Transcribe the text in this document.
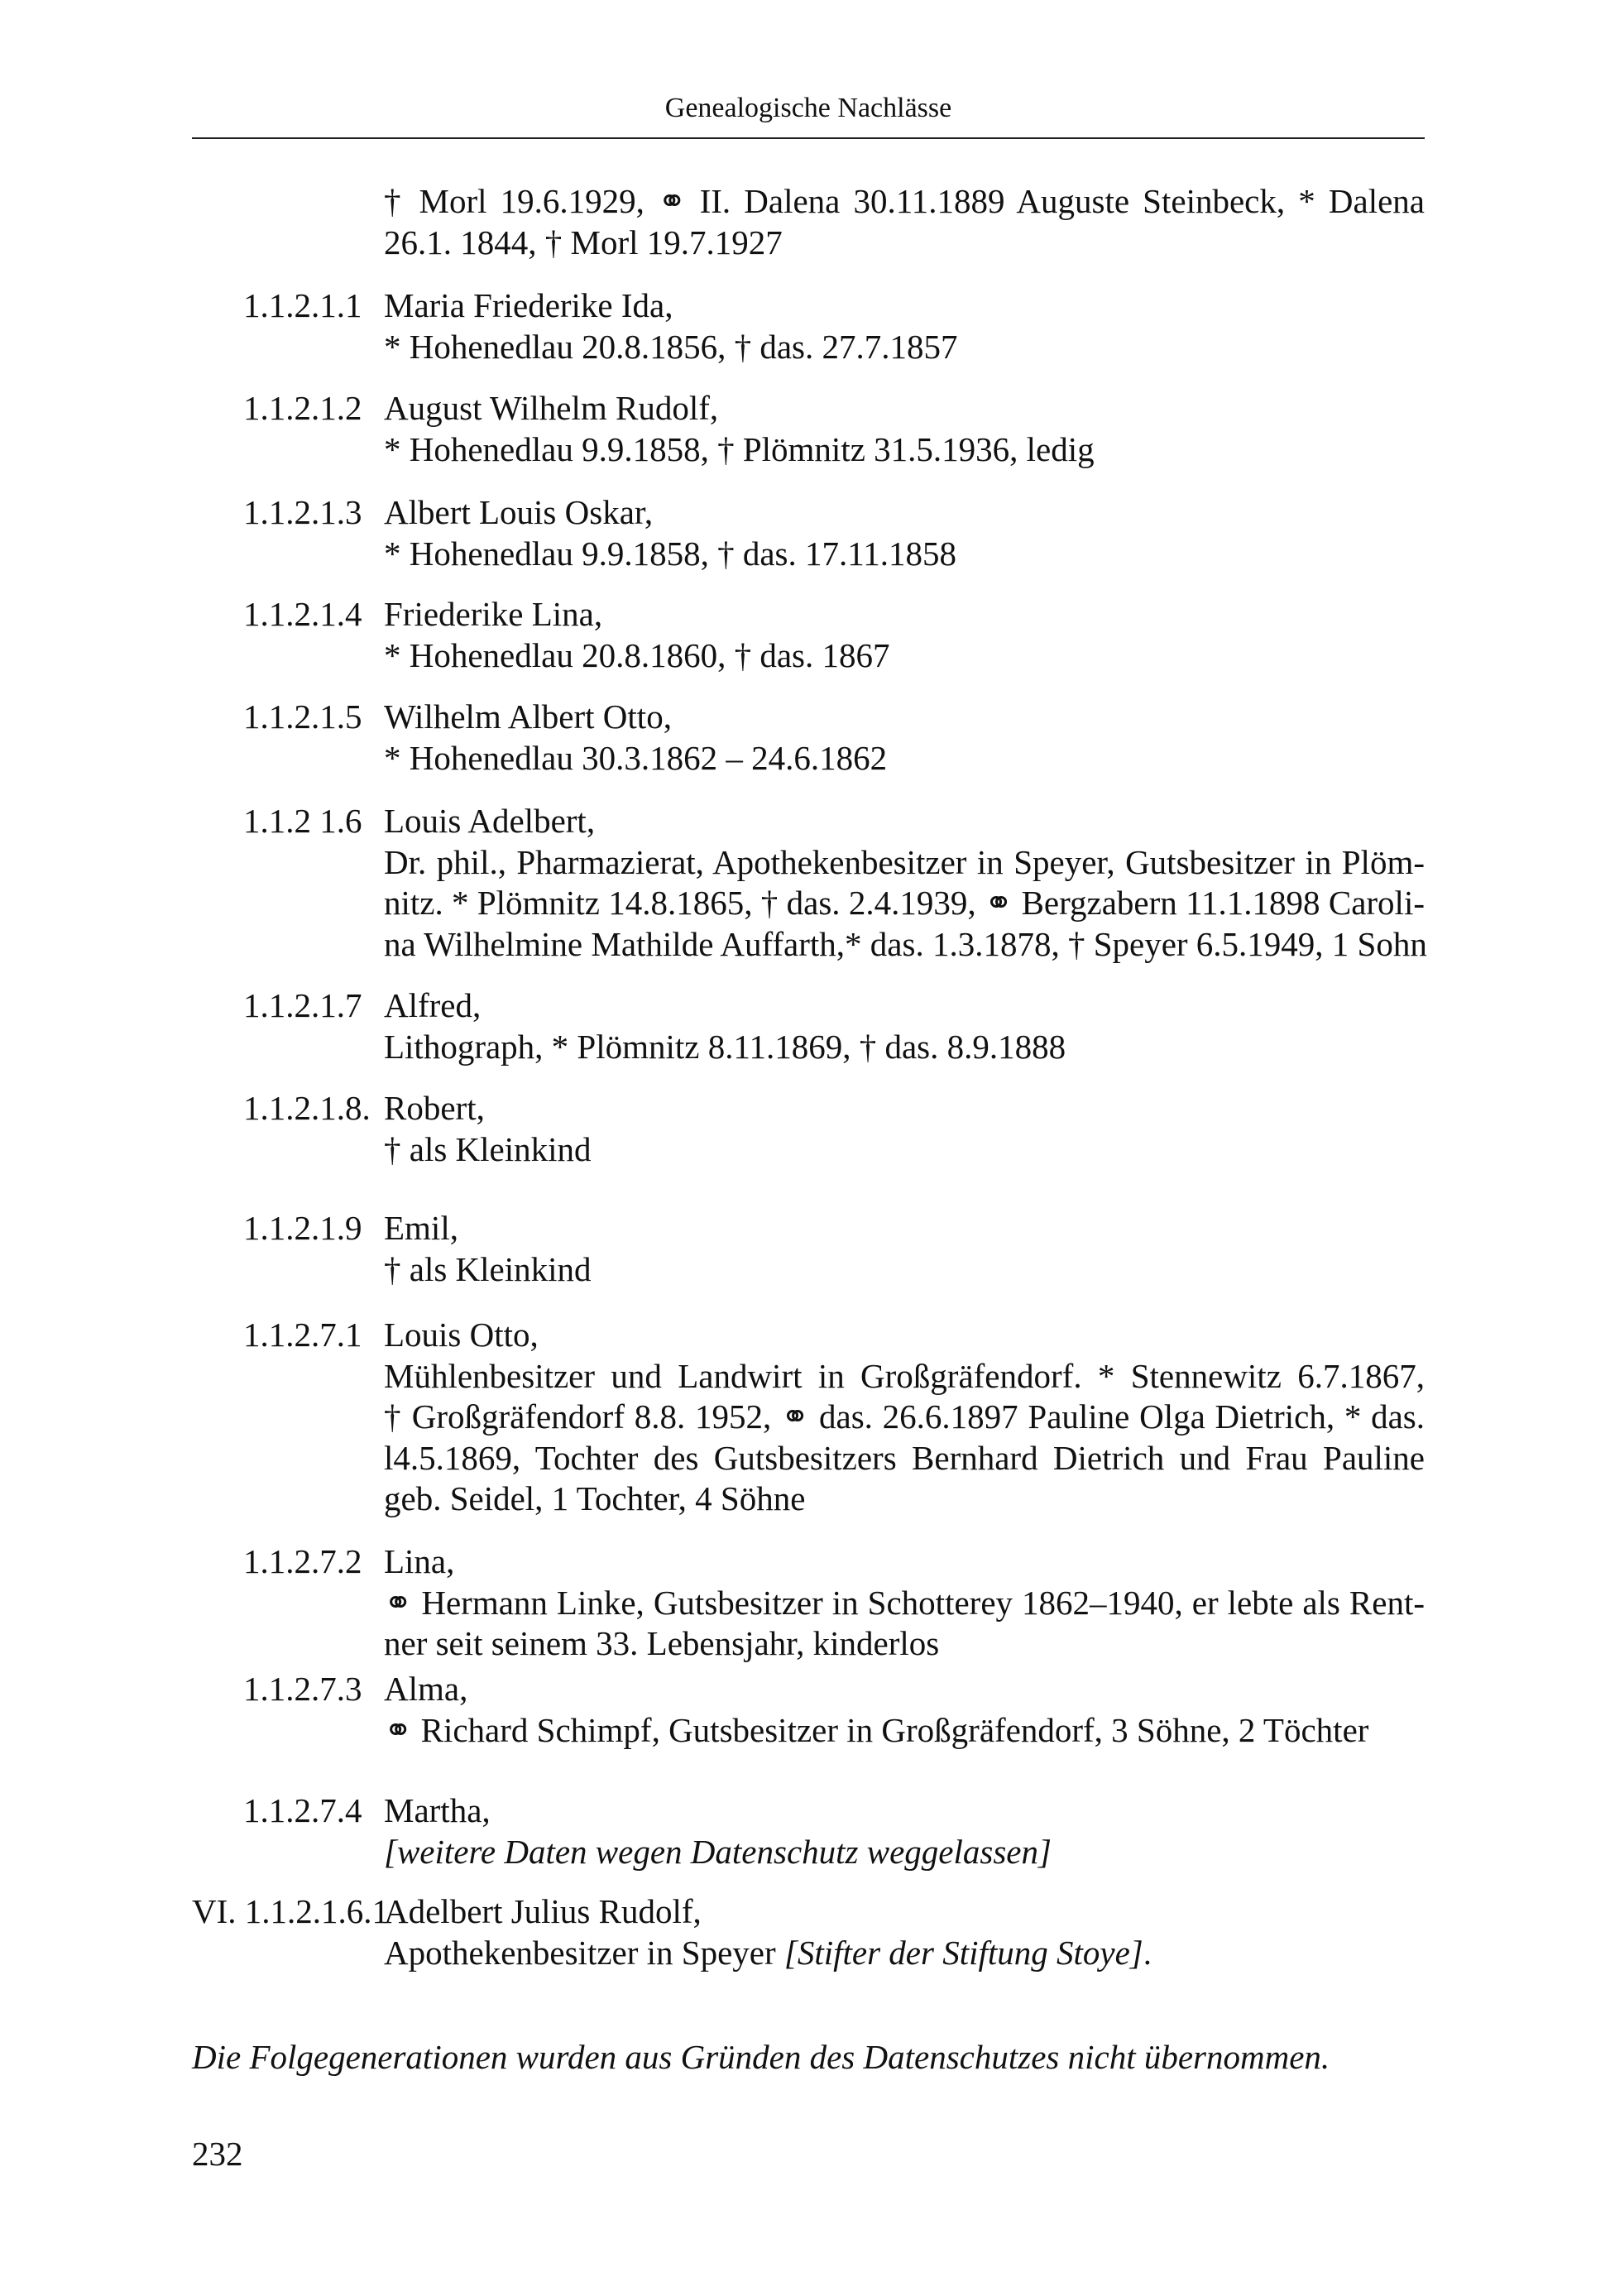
Genealogische Nachlässe
† Morl 19.6.1929, ⚭ II. Dalena 30.11.1889 Auguste Steinbeck, * Dalena
26.1. 1844, † Morl 19.7.1927
1.1.2.1.1 Maria Friederike Ida,
* Hohenedlau 20.8.1856, † das. 27.7.1857
1.1.2.1.2 August Wilhelm Rudolf,
* Hohenedlau 9.9.1858, † Plömnitz 31.5.1936, ledig
1.1.2.1.3 Albert Louis Oskar,
* Hohenedlau 9.9.1858, † das. 17.11.1858
1.1.2.1.4 Friederike Lina,
* Hohenedlau 20.8.1860, † das. 1867
1.1.2.1.5 Wilhelm Albert Otto,
* Hohenedlau 30.3.1862 – 24.6.1862
1.1.2 1.6 Louis Adelbert,
Dr. phil., Pharmazierat, Apothekenbesitzer in Speyer, Gutsbesitzer in Plöm-
nitz. * Plömnitz 14.8.1865, † das. 2.4.1939, ⚭ Bergzabern 11.1.1898 Caroli-
na Wilhelmine Mathilde Auffarth,* das. 1.3.1878, † Speyer 6.5.1949, 1 Sohn
1.1.2.1.7 Alfred,
Lithograph, * Plömnitz 8.11.1869, † das. 8.9.1888
1.1.2.1.8. Robert,
† als Kleinkind
1.1.2.1.9 Emil,
† als Kleinkind
1.1.2.7.1 Louis Otto,
Mühlenbesitzer und Landwirt in Großgräfendorf. * Stennewitz 6.7.1867,
† Großgräfendorf 8.8. 1952, ⚭ das. 26.6.1897 Pauline Olga Dietrich, * das.
l4.5.1869, Tochter des Gutsbesitzers Bernhard Dietrich und Frau Pauline
geb. Seidel, 1 Tochter, 4 Söhne
1.1.2.7.2 Lina,
⚭ Hermann Linke, Gutsbesitzer in Schotterey 1862–1940, er lebte als Rent-
ner seit seinem 33. Lebensjahr, kinderlos
1.1.2.7.3 Alma,
⚭ Richard Schimpf, Gutsbesitzer in Großgräfendorf, 3 Söhne, 2 Töchter
1.1.2.7.4 Martha,
[weitere Daten wegen Datenschutz weggelassen]
VI. 1.1.2.1.6.1
Adelbert Julius Rudolf,
Apothekenbesitzer in Speyer [Stifter der Stiftung Stoye].
Die Folgegenerationen wurden aus Gründen des Datenschutzes nicht übernommen.
232
